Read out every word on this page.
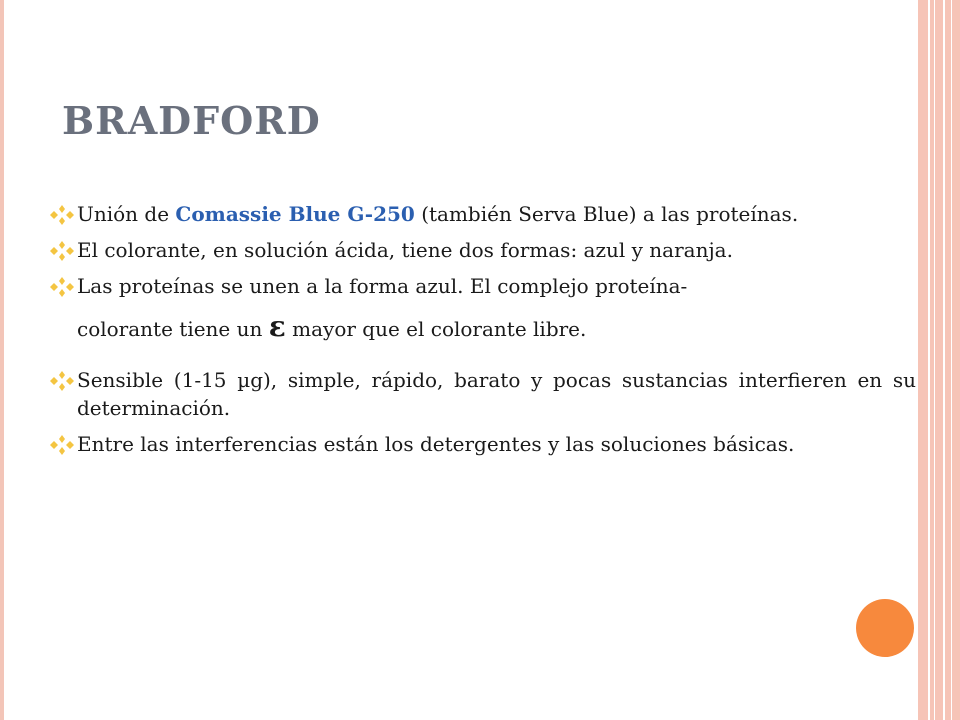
BRADFORD
Unión de Comassie Blue G-250 (también Serva Blue) a las proteínas.
El colorante, en solución ácida, tiene dos formas: azul y naranja.
Las proteínas se unen a la forma azul. El complejo proteína-
colorante tiene un ε mayor que el colorante libre.
Sensible (1-15 µg), simple, rápido, barato y pocas sustancias interfieren en su determinación.
Entre las interferencias están los detergentes y las soluciones básicas.
